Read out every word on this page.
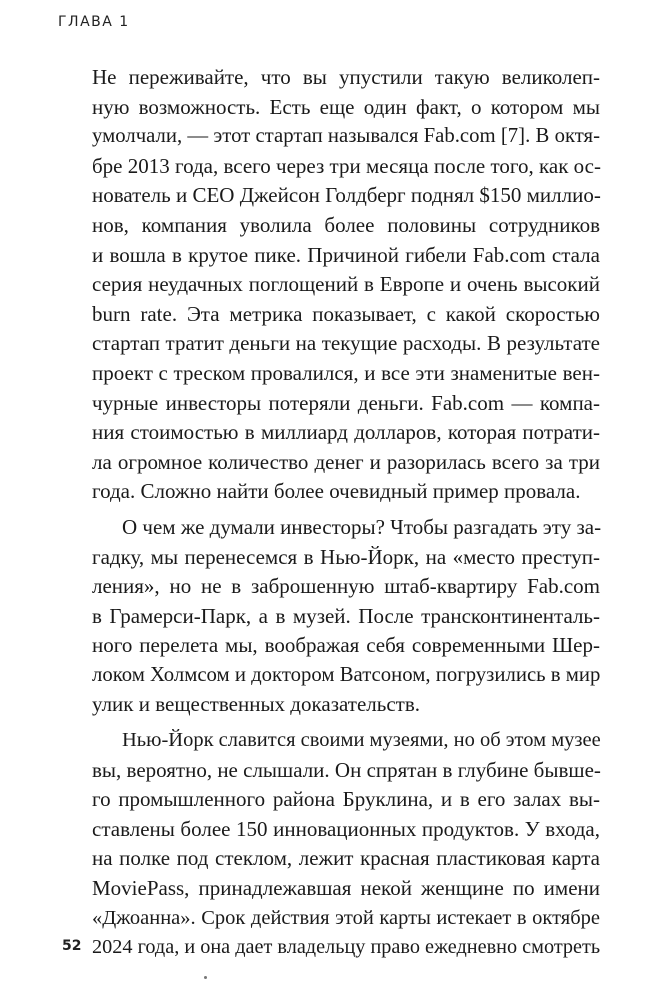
ГЛАВА 1
Не переживайте, что вы упустили такую великолеп-
ную возможность. Есть еще один факт, о котором мы
умолчали, — этот стартап назывался Fab.com [7]. В октя-
бре 2013 года, всего через три месяца после того, как ос-
нователь и СЕО Джейсон Голдберг поднял $150 миллио-
нов, компания уволила более половины сотрудников
и вошла в крутое пике. Причиной гибели Fab.com стала
серия неудачных поглощений в Европе и очень высокий
burn rate. Эта метрика показывает, с какой скоростью
стартап тратит деньги на текущие расходы. В результате
проект с треском провалился, и все эти знаменитые вен-
чурные инвесторы потеряли деньги. Fab.com — компа-
ния стоимостью в миллиард долларов, которая потрати-
ла огромное количество денег и разорилась всего за три
года. Сложно найти более очевидный пример провала.
О чем же думали инвесторы? Чтобы разгадать эту за-
гадку, мы перенесемся в Нью-Йорк, на «место преступ-
ления», но не в заброшенную штаб-квартиру Fab.com
в Грамерси-Парк, а в музей. После трансконтиненталь-
ного перелета мы, воображая себя современными Шер-
локом Холмсом и доктором Ватсоном, погрузились в мир
улик и вещественных доказательств.
Нью-Йорк славится своими музеями, но об этом музее
вы, вероятно, не слышали. Он спрятан в глубине бывше-
го промышленного района Бруклина, и в его залах вы-
ставлены более 150 инновационных продуктов. У входа,
на полке под стеклом, лежит красная пластиковая карта
MoviePass, принадлежавшая некой женщине по имени
«Джоанна». Срок действия этой карты истекает в октябре
2024 года, и она дает владельцу право ежедневно смотреть
52
